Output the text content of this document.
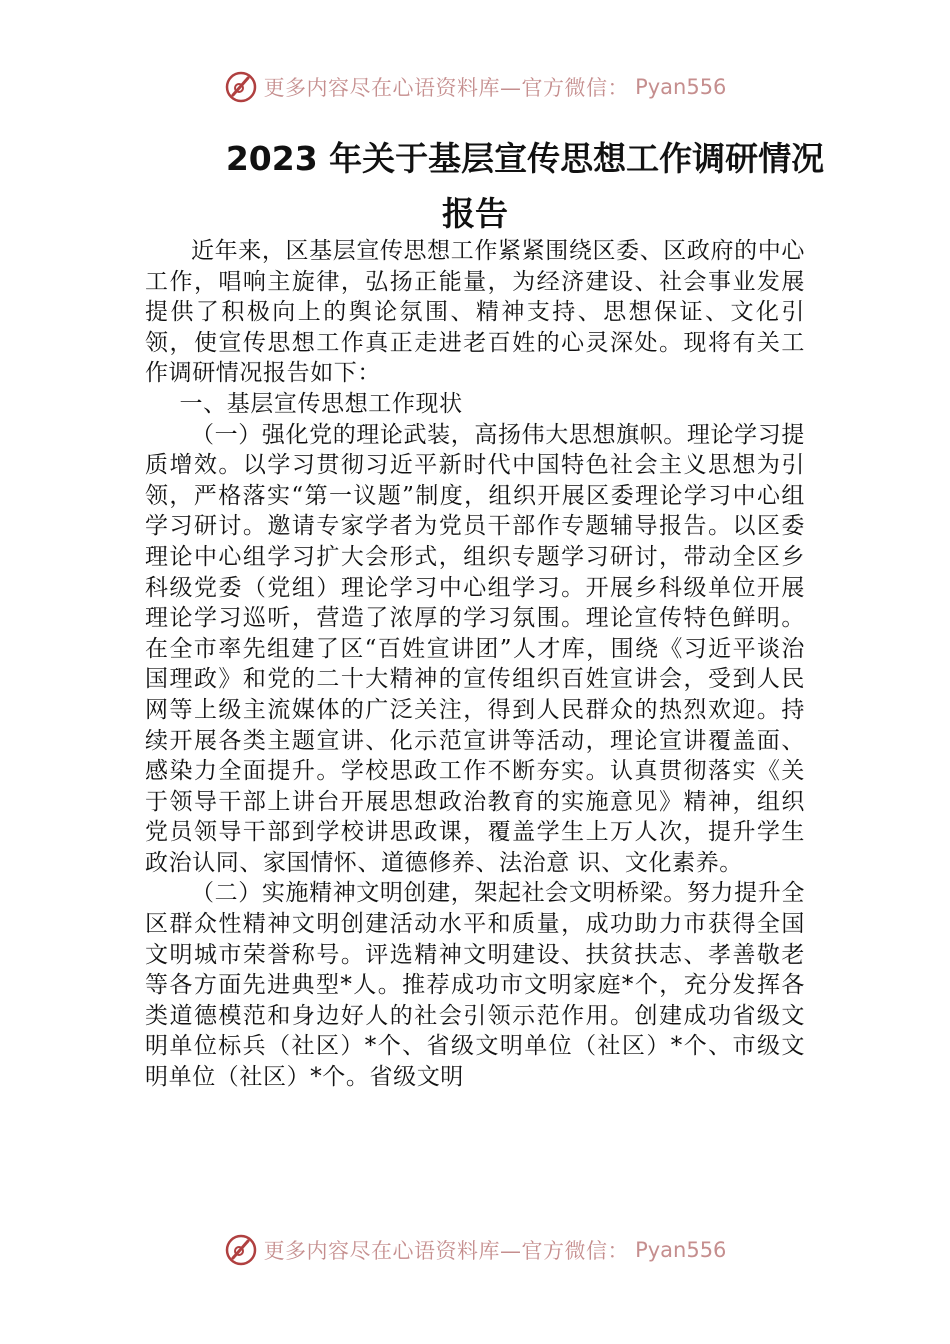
更多内容尽在心语资料库—官方微信： Pyan556
2023 年关于基层宣传思想工作调研情况
报告

近年来，区基层宣传思想工作紧紧围绕区委、区政府的中心工作，唱响主旋律，弘扬正能量，为经济建设、社会事业发展提供了积极向上的舆论氛围、精神支持、思想保证、文化引领，使宣传思想工作真正走进老百姓的心灵深处。现将有关工作调研情况报告如下：

一、基层宣传思想工作现状

（一）强化党的理论武装，高扬伟大思想旗帜。理论学习提质增效。以学习贯彻习近平新时代中国特色社会主义思想为引领，严格落实“第一议题”制度，组织开展区委理论学习中心组学习研讨。邀请专家学者为党员干部作专题辅导报告。以区委理论中心组学习扩大会形式，组织专题学习研讨，带动全区乡科级党委（党组）理论学习中心组学习。开展乡科级单位开展理论学习巡听，营造了浓厚的学习氛围。理论宣传特色鲜明。在全市率先组建了区“百姓宣讲团”人才库，围绕《习近平谈治国理政》和党的二十大精神的宣传组织百姓宣讲会，受到人民网等上级主流媒体的广泛关注，得到人民群众的热烈欢迎。持续开展各类主题宣讲、化示范宣讲等活动，理论宣讲覆盖面、感染力全面提升。学校思政工作不断夯实。认真贯彻落实《关于领导干部上讲台开展思想政治教育的实施意见》精神，组织党员领导干部到学校讲思政课，覆盖学生上万人次，提升学生政治认同、家国情怀、道德修养、法治意 识、文化素养。

（二）实施精神文明创建，架起社会文明桥梁。努力提升全区群众性精神文明创建活动水平和质量，成功助力市获得全国文明城市荣誉称号。评选精神文明建设、扶贫扶志、孝善敬老等各方面先进典型*人。推荐成功市文明家庭*个，充分发挥各类道德模范和身边好人的社会引领示范作用。创建成功省级文明单位标兵（社区）*个、省级文明单位（社区）*个、市级文明单位（社区）*个。省级文明

更多内容尽在心语资料库—官方微信： Pyan556
